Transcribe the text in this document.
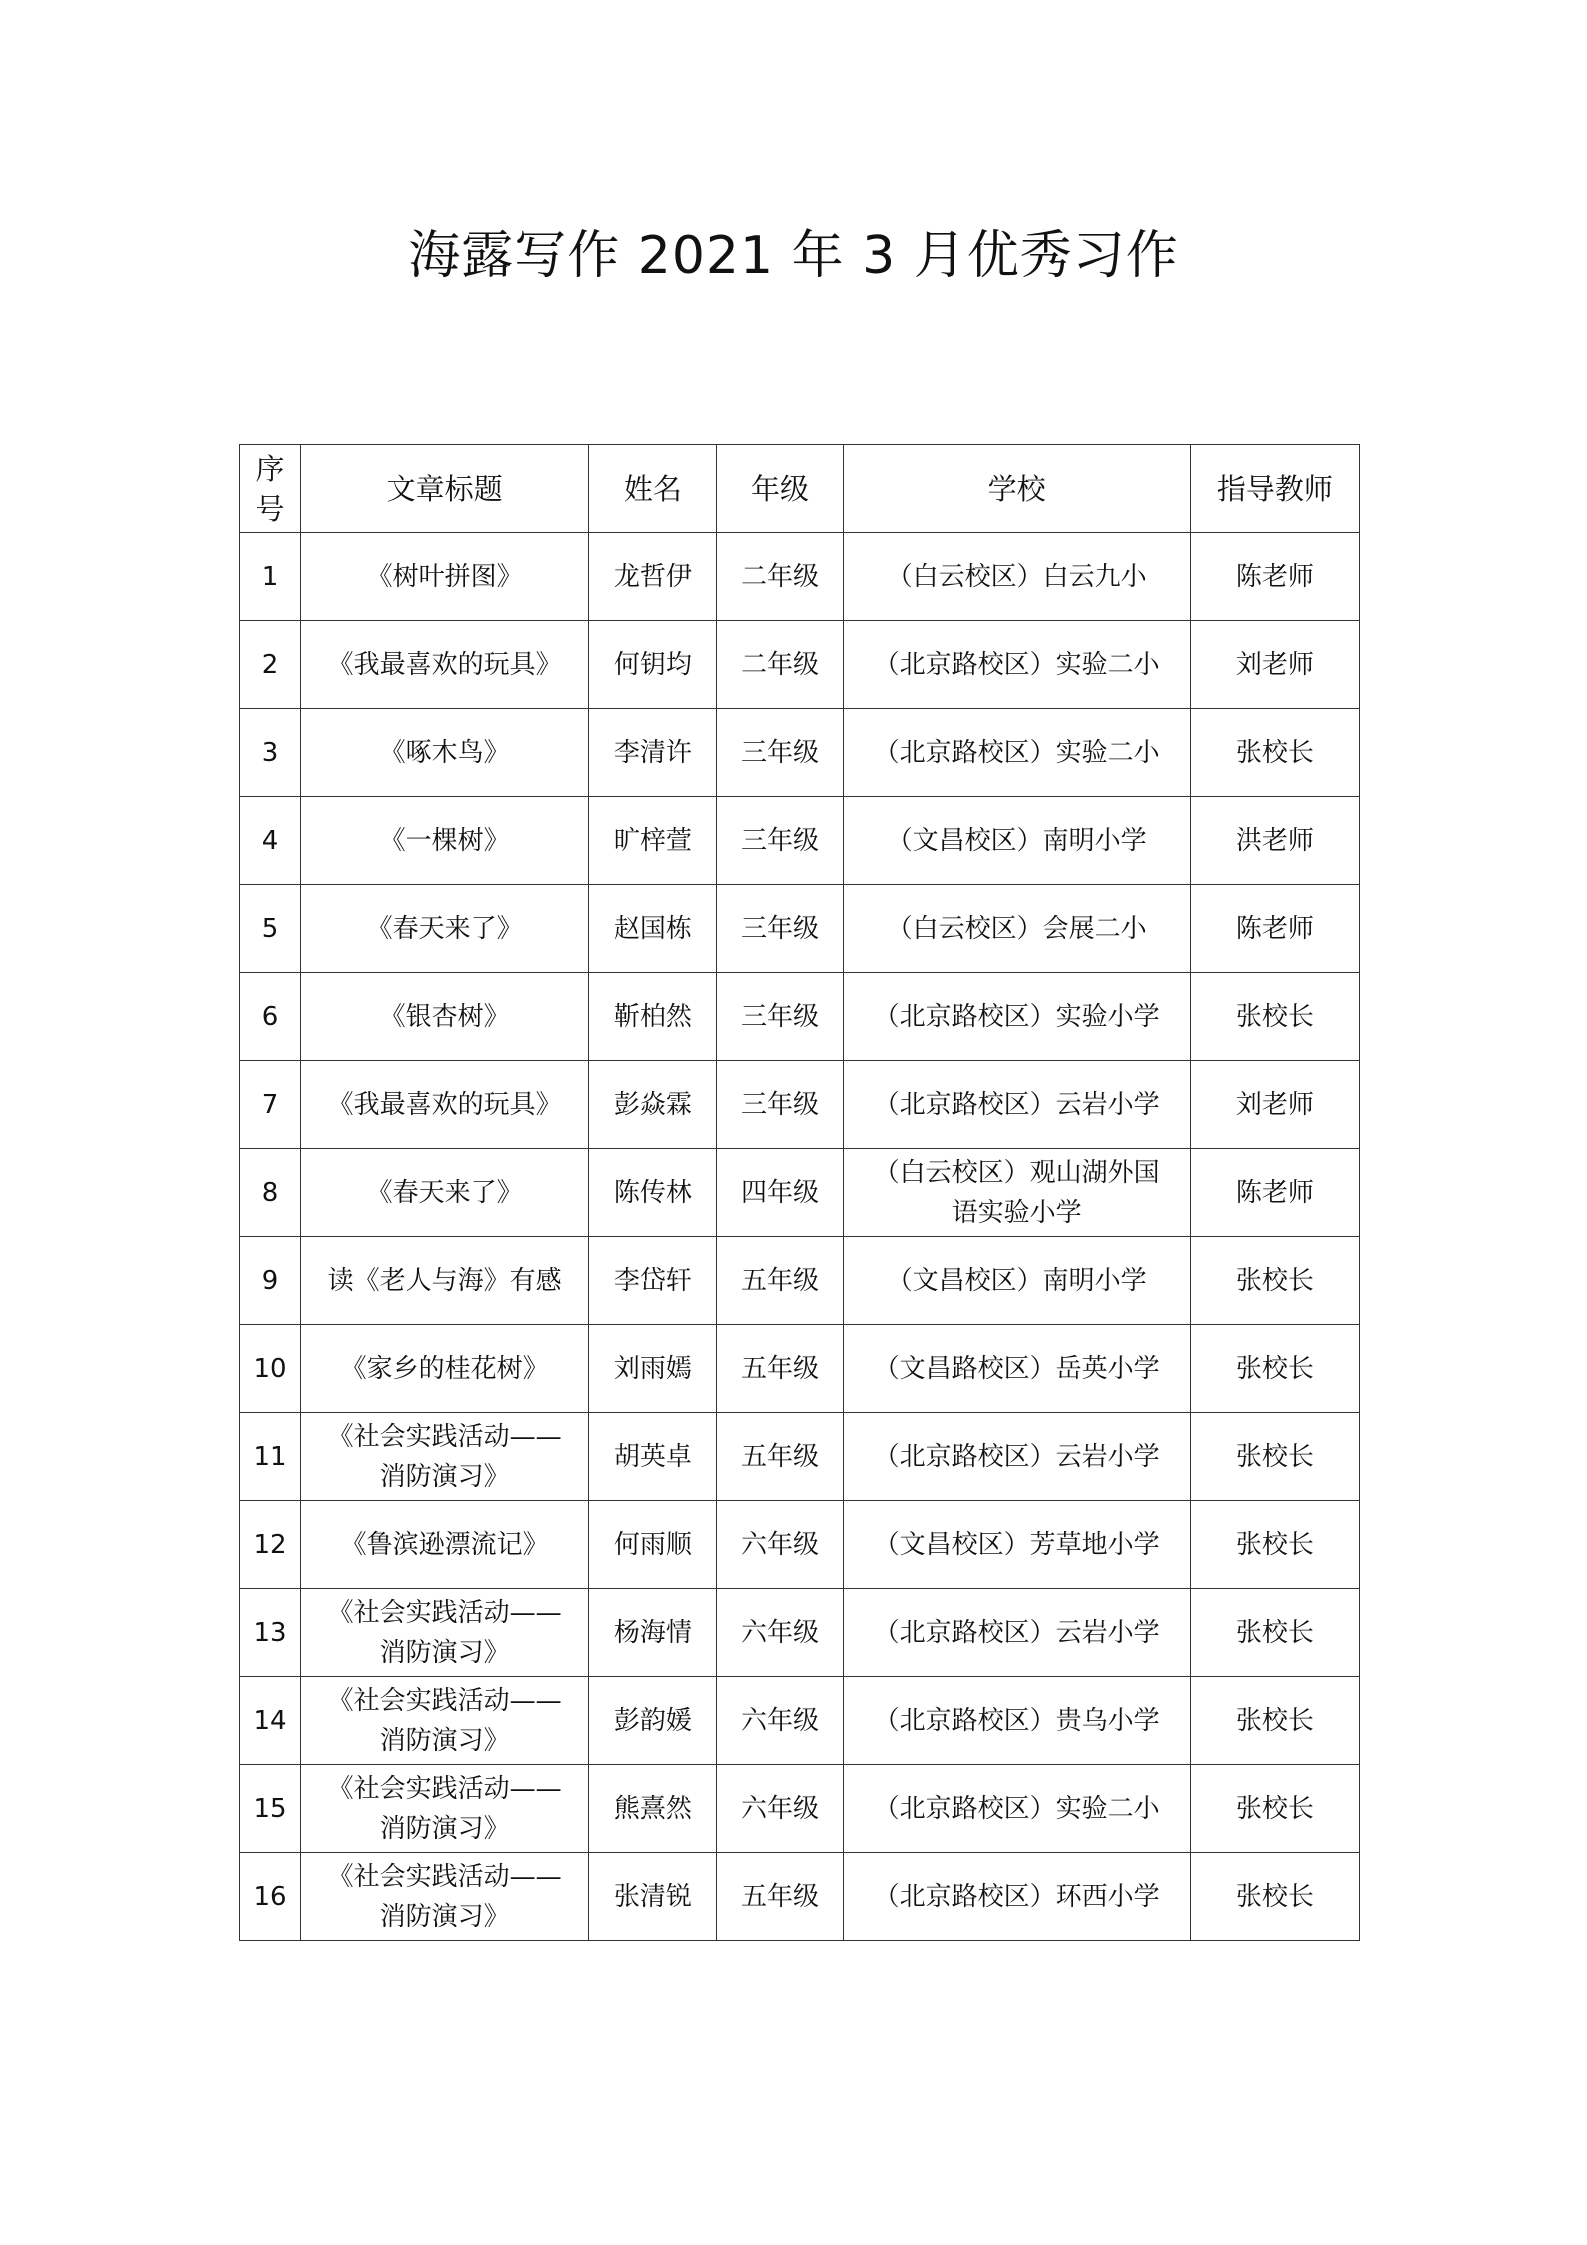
海露写作 2021 年 3 月优秀习作
序
号	文章标题	姓名	年级	学校	指导教师

1	《树叶拼图》	龙哲伊	二年级	（白云校区）白云九小	陈老师

2	《我最喜欢的玩具》	何钥均	二年级	（北京路校区）实验二小	刘老师

3	《啄木鸟》	李清许	三年级	（北京路校区）实验二小	张校长

4	《一棵树》	旷梓萱	三年级	（文昌校区）南明小学	洪老师

5	《春天来了》	赵国栋	三年级	（白云校区）会展二小	陈老师

6	《银杏树》	靳柏然	三年级	（北京路校区）实验小学	张校长

7	《我最喜欢的玩具》	彭焱霖	三年级	（北京路校区）云岩小学	刘老师

8	《春天来了》	陈传林	四年级	（白云校区）观山湖外国
语实验小学	陈老师

9	读《老人与海》有感	李岱轩	五年级	（文昌校区）南明小学	张校长

10	《家乡的桂花树》	刘雨嫣	五年级	（文昌路校区）岳英小学	张校长

11	《社会实践活动——
消防演习》	胡英卓	五年级	（北京路校区）云岩小学	张校长

12	《鲁滨逊漂流记》	何雨顺	六年级	（文昌校区）芳草地小学	张校长

13	《社会实践活动——
消防演习》	杨海情	六年级	（北京路校区）云岩小学	张校长

14	《社会实践活动——
消防演习》	彭韵媛	六年级	（北京路校区）贵乌小学	张校长

15	《社会实践活动——
消防演习》	熊熹然	六年级	（北京路校区）实验二小	张校长

16	《社会实践活动——
消防演习》	张清锐	五年级	（北京路校区）环西小学	张校长
